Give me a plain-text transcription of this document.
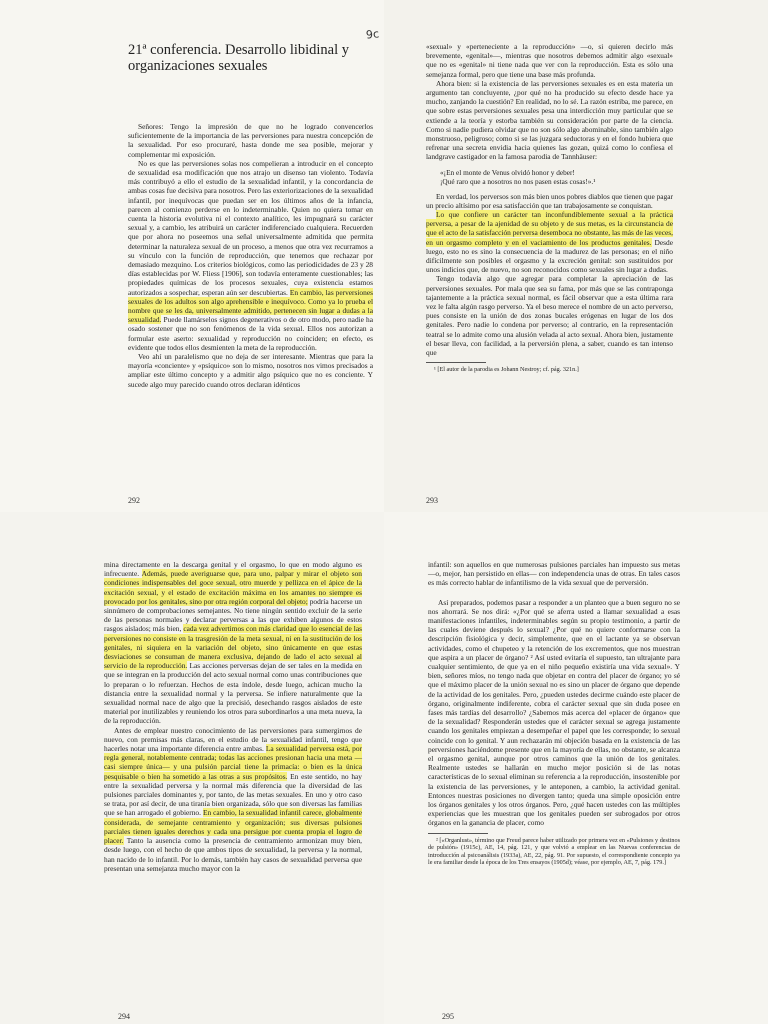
21ª conferencia. Desarrollo libidinal y organizaciones sexuales
9c

Señores: Tengo la impresión de que no he logrado convencerlos suficientemente de la importancia de las perversiones para nuestra concepción de la sexualidad. Por eso procuraré, hasta donde me sea posible, mejorar y complementar mi exposición.

No es que las perversiones solas nos compelieran a introducir en el concepto de sexualidad esa modificación que nos atrajo un disenso tan violento. Todavía más contribuyó a ello el estudio de la sexualidad infantil, y la concordancia de ambas cosas fue decisiva para nosotros. Pero las exteriorizaciones de la sexualidad infantil, por inequívocas que puedan ser en los últimos años de la infancia, parecen al comienzo perderse en lo indeterminable. Quien no quiera tomar en cuenta la historia evolutiva ni el contexto analítico, les impugnará su carácter sexual y, a cambio, les atribuirá un carácter indiferenciado cualquiera. Recuerden que por ahora no poseemos una señal universalmente admitida que permita determinar la naturaleza sexual de un proceso, a menos que otra vez recurramos a su vínculo con la función de reproducción, que tenemos que rechazar por demasiado mezquino. Los criterios biológicos, como las periodicidades de 23 y 28 días establecidas por W. Fliess [1906], son todavía enteramente cuestionables; las propiedades químicas de los procesos sexuales, cuya existencia estamos autorizados a sospechar, esperan aún ser descubiertas. En cambio, las perversiones sexuales de los adultos son algo aprehensible e inequívoco. Como ya lo prueba el nombre que se les da, universalmente admitido, pertenecen sin lugar a dudas a la sexualidad. Puede llamárselos signos degenerativos o de otro modo, pero nadie ha osado sostener que no son fenómenos de la vida sexual. Ellos nos autorizan a formular este aserto: sexualidad y reproducción no coinciden; en efecto, es evidente que todos ellos desmienten la meta de la reproducción.

Veo ahí un paralelismo que no deja de ser interesante. Mientras que para la mayoría «conciente» y «psíquico» son lo mismo, nosotros nos vimos precisados a ampliar este último concepto y a admitir algo psíquico que no es conciente. Y sucede algo muy parecido cuando otros declaran idénticos

292

«sexual» y «perteneciente a la reproducción» —o, si quieren decirlo más brevemente, «genital»—, mientras que nosotros debemos admitir algo «sexual» que no es «genital» ni tiene nada que ver con la reproducción. Esta es sólo una semejanza formal, pero que tiene una base más profunda.

Ahora bien: si la existencia de las perversiones sexuales es en esta materia un argumento tan concluyente, ¿por qué no ha producido su efecto desde hace ya mucho, zanjando la cuestión? En realidad, no lo sé. La razón estriba, me parece, en que sobre estas perversiones sexuales pesa una interdicción muy particular que se extiende a la teoría y estorba también su consideración por parte de la ciencia. Como si nadie pudiera olvidar que no son sólo algo abominable, sino también algo monstruoso, peligroso; como si se las juzgara seductoras y en el fondo hubiera que refrenar una secreta envidia hacia quienes las gozan, quizá como lo confiesa el landgrave castigador en la famosa parodia de Tannhäuser:

«¡En el monte de Venus olvidó honor y deber!
¡Qué raro que a nosotros no nos pasen estas cosas!».¹

En verdad, los perversos son más bien unos pobres diablos que tienen que pagar un precio altísimo por esa satisfacción que tan trabajosamente se conquistan.

Lo que confiere un carácter tan inconfundiblemente sexual a la práctica perversa, a pesar de la ajenidad de su objeto y de sus metas, es la circunstancia de que el acto de la satisfacción perversa desemboca no obstante, las más de las veces, en un orgasmo completo y en el vaciamiento de los productos genitales. Desde luego, esto no es sino la consecuencia de la madurez de las personas; en el niño difícilmente son posibles el orgasmo y la excreción genital: son sustituidos por unos indicios que, de nuevo, no son reconocidos como sexuales sin lugar a dudas.

Tengo todavía algo que agregar para completar la apreciación de las perversiones sexuales. Por mala que sea su fama, por más que se las contraponga tajantemente a la práctica sexual normal, es fácil observar que a esta última rara vez le falta algún rasgo perverso. Ya el beso merece el nombre de un acto perverso, pues consiste en la unión de dos zonas bucales erógenas en lugar de los dos genitales. Pero nadie lo condena por perverso; al contrario, en la representación teatral se lo admite como una alusión velada al acto sexual. Ahora bien, justamente el besar lleva, con facilidad, a la perversión plena, a saber, cuando es tan intenso que

¹ [El autor de la parodia es Johann Nestroy; cf. pág. 321n.]
293

mina directamente en la descarga genital y el orgasmo, lo que en modo alguno es infrecuente. Además, puede averiguarse que, para uno, palpar y mirar el objeto son condiciones indispensables del goce sexual, otro muerde y pellizca en el ápice de la excitación sexual, y el estado de excitación máxima en los amantes no siempre es provocado por los genitales, sino por otra región corporal del objeto; podría hacerse un sinnúmero de comprobaciones semejantes. No tiene ningún sentido excluir de la serie de las personas normales y declarar perversas a las que exhiben algunos de estos rasgos aislados; más bien, cada vez advertimos con más claridad que lo esencial de las perversiones no consiste en la trasgresión de la meta sexual, ni en la sustitución de los genitales, ni siquiera en la variación del objeto, sino únicamente en que estas desviaciones se consuman de manera exclusiva, dejando de lado el acto sexual al servicio de la reproducción. Las acciones perversas dejan de ser tales en la medida en que se integran en la producción del acto sexual normal como unas contribuciones que lo preparan o lo refuerzan. Hechos de esta índole, desde luego, achican mucho la distancia entre la sexualidad normal y la perversa. Se infiere naturalmente que la sexualidad normal nace de algo que la precisió, desechando rasgos aislados de este material por inutilizables y reuniendo los otros para subordinarlos a una meta nueva, la de la reproducción.

Antes de emplear nuestro conocimiento de las perversiones para sumergirnos de nuevo, con premisas más claras, en el estudio de la sexualidad infantil, tengo que hacerles notar una importante diferencia entre ambas. La sexualidad perversa está, por regla general, notablemente centrada; todas las acciones presionan hacia una meta —casi siempre única— y una pulsión parcial tiene la primacía: o bien es la única pesquisable o bien ha sometido a las otras a sus propósitos. En este sentido, no hay entre la sexualidad perversa y la normal más diferencia que la diversidad de las pulsiones parciales dominantes y, por tanto, de las metas sexuales. En uno y otro caso se trata, por así decir, de una tiranía bien organizada, sólo que son diversas las familias que se han arrogado el gobierno. En cambio, la sexualidad infantil carece, globalmente considerada, de semejante centramiento y organización; sus diversas pulsiones parciales tienen iguales derechos y cada una persigue por cuenta propia el logro de placer. Tanto la ausencia como la presencia de centramiento armonizan muy bien, desde luego, con el hecho de que ambos tipos de sexualidad, la perversa y la normal, han nacido de lo infantil. Por lo demás, también hay casos de sexualidad perversa que presentan una semejanza mucho mayor con la

294

infantil: son aquellos en que numerosas pulsiones parciales han impuesto sus metas —o, mejor, han persistido en ellas— con independencia unas de otras. En tales casos es más correcto hablar de infantilismo de la vida sexual que de perversión.

Así preparados, podemos pasar a responder a un planteo que a buen seguro no se nos ahorrará. Se nos dirá: «¿Por qué se aferra usted a llamar sexualidad a esas manifestaciones infantiles, indeterminables según su propio testimonio, a partir de las cuales deviene después lo sexual? ¿Por qué no quiere conformarse con la descripción fisiológica y decir, simplemente, que en el lactante ya se observan actividades, como el chupeteo y la retención de los excrementos, que nos muestran que aspira a un placer de órgano? ² Así usted evitaría el supuesto, tan ultrajante para cualquier sentimiento, de que ya en el niño pequeño existiría una vida sexual». Y bien, señores míos, no tengo nada que objetar en contra del placer de órgano; yo sé que el máximo placer de la unión sexual no es sino un placer de órgano que depende de la actividad de los genitales. Pero, ¿pueden ustedes decirme cuándo este placer de órgano, originalmente indiferente, cobra el carácter sexual que sin duda posee en fases más tardías del desarrollo? ¿Sabemos más acerca del «placer de órgano» que de la sexualidad? Responderán ustedes que el carácter sexual se agrega justamente cuando los genitales empiezan a desempeñar el papel que les corresponde; lo sexual coincide con lo genital. Y aun rechazarán mi objeción basada en la existencia de las perversiones haciéndome presente que en la mayoría de ellas, no obstante, se alcanza el orgasmo genital, aunque por otros caminos que la unión de los genitales. Realmente ustedes se hallarán en mucho mejor posición si de las notas características de lo sexual eliminan su referencia a la reproducción, insostenible por la existencia de las perversiones, y le anteponen, a cambio, la actividad genital. Entonces nuestras posiciones no divergen tanto; queda una simple oposición entre los órganos genitales y los otros órganos. Pero, ¿qué hacen ustedes con las múltiples experiencias que les muestran que los genitales pueden ser subrogados por otros órganos en la ganancia de placer, como

² [«Organlust», término que Freud parece haber utilizado por primera vez en «Pulsiones y destinos de pulsión» (1915c), AE, 14, pág. 121, y que volvió a emplear en las Nuevas conferencias de introducción al psicoanálisis (1933a), AE, 22, pág. 91. Por supuesto, el correspondiente concepto ya le era familiar desde la época de los Tres ensayos (1905d); véase, por ejemplo, AE, 7, pág. 179.]
295
